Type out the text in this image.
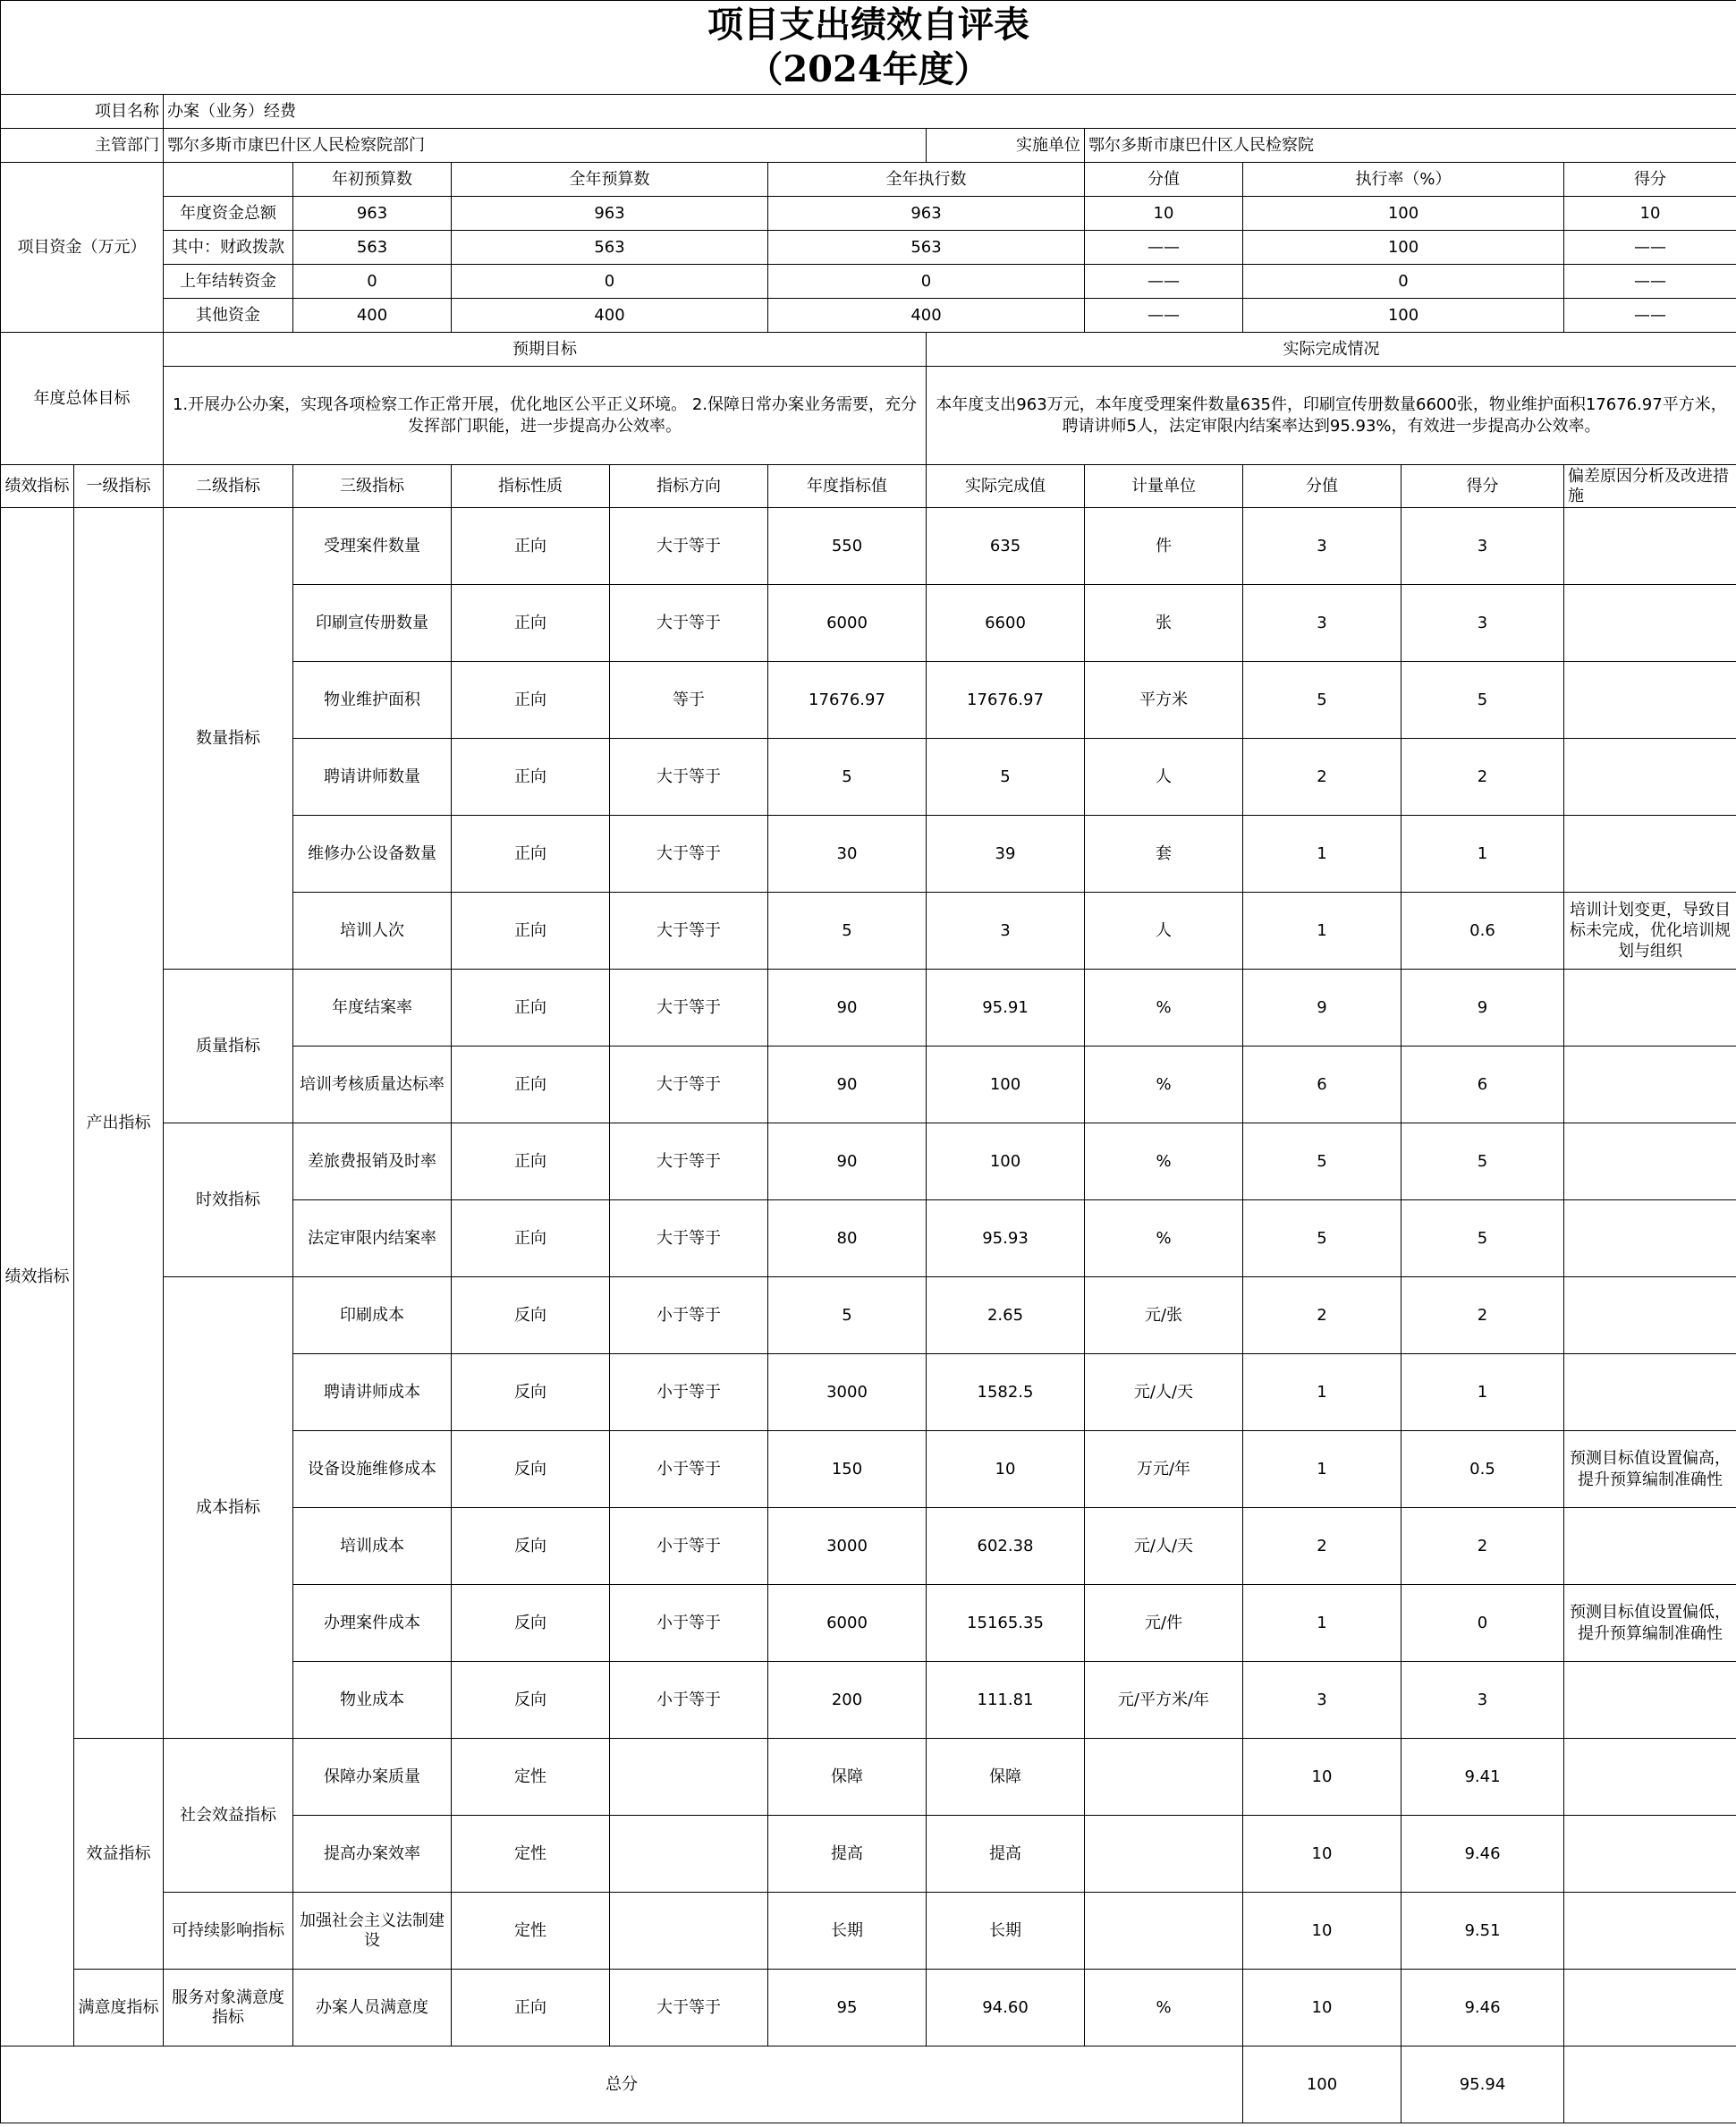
项目支出绩效自评表
（2024年度）											

项目名称		办案（业务）经费									
主管部门		鄂尔多斯市康巴什区人民检察院部门					实施单位	鄂尔多斯市康巴什区人民检察院			
项目资金（万元）			年初预算数	全年预算数		全年执行数		分值	执行率（%）		得分
		年度资金总额	963	963		963		10	100		10
		其中：财政拨款	563	563		563		——	100		——
		上年结转资金	0	0		0		——	0		——
		其他资金	400	400		400		——	100		——
年度总体目标		预期目标					实际完成情况				
		1.开展办公办案，实现各项检察工作正常开展，优化地区公平正义环境。 2.保障日常办案业务需要，充分发挥部门职能，进一步提高办公效率。					本年度支出963万元，本年度受理案件数量635件，印刷宣传册数量6600张，物业维护面积17676.97平方米，聘请讲师5人，法定审限内结案率达到95.93%，有效进一步提高办公效率。				
绩效指标	一级指标	二级指标	三级指标	指标性质	指标方向	年度指标值	实际完成值	计量单位	分值	得分	偏差原因分析及改进措施
绩效指标	产出指标	数量指标	受理案件数量	正向	大于等于	550	635	件	3	3	
			印刷宣传册数量	正向	大于等于	6000	6600	张	3	3	
			物业维护面积	正向	等于	17676.97	17676.97	平方米	5	5	
			聘请讲师数量	正向	大于等于	5	5	人	2	2	
			维修办公设备数量	正向	大于等于	30	39	套	1	1	
			培训人次	正向	大于等于	5	3	人	1	0.6	培训计划变更，导致目标未完成，优化培训规划与组织
		质量指标	年度结案率	正向	大于等于	90	95.91	%	9	9	
			培训考核质量达标率	正向	大于等于	90	100	%	6	6	
		时效指标	差旅费报销及时率	正向	大于等于	90	100	%	5	5	
			法定审限内结案率	正向	大于等于	80	95.93	%	5	5	
		成本指标	印刷成本	反向	小于等于	5	2.65	元/张	2	2	
			聘请讲师成本	反向	小于等于	3000	1582.5	元/人/天	1	1	
			设备设施维修成本	反向	小于等于	150	10	万元/年	1	0.5	预测目标值设置偏高，提升预算编制准确性
			培训成本	反向	小于等于	3000	602.38	元/人/天	2	2	
			办理案件成本	反向	小于等于	6000	15165.35	元/件	1	0	预测目标值设置偏低，提升预算编制准确性
			物业成本	反向	小于等于	200	111.81	元/平方米/年	3	3	
	效益指标	社会效益指标	保障办案质量	定性		保障	保障		10	9.41	
			提高办案效率	定性		提高	提高		10	9.46	
		可持续影响指标	加强社会主义法制建设	定性		长期	长期		10	9.51	
	满意度指标	服务对象满意度指标	办案人员满意度	正向	大于等于	95	94.60	%	10	9.46	
总分									100	95.94	
